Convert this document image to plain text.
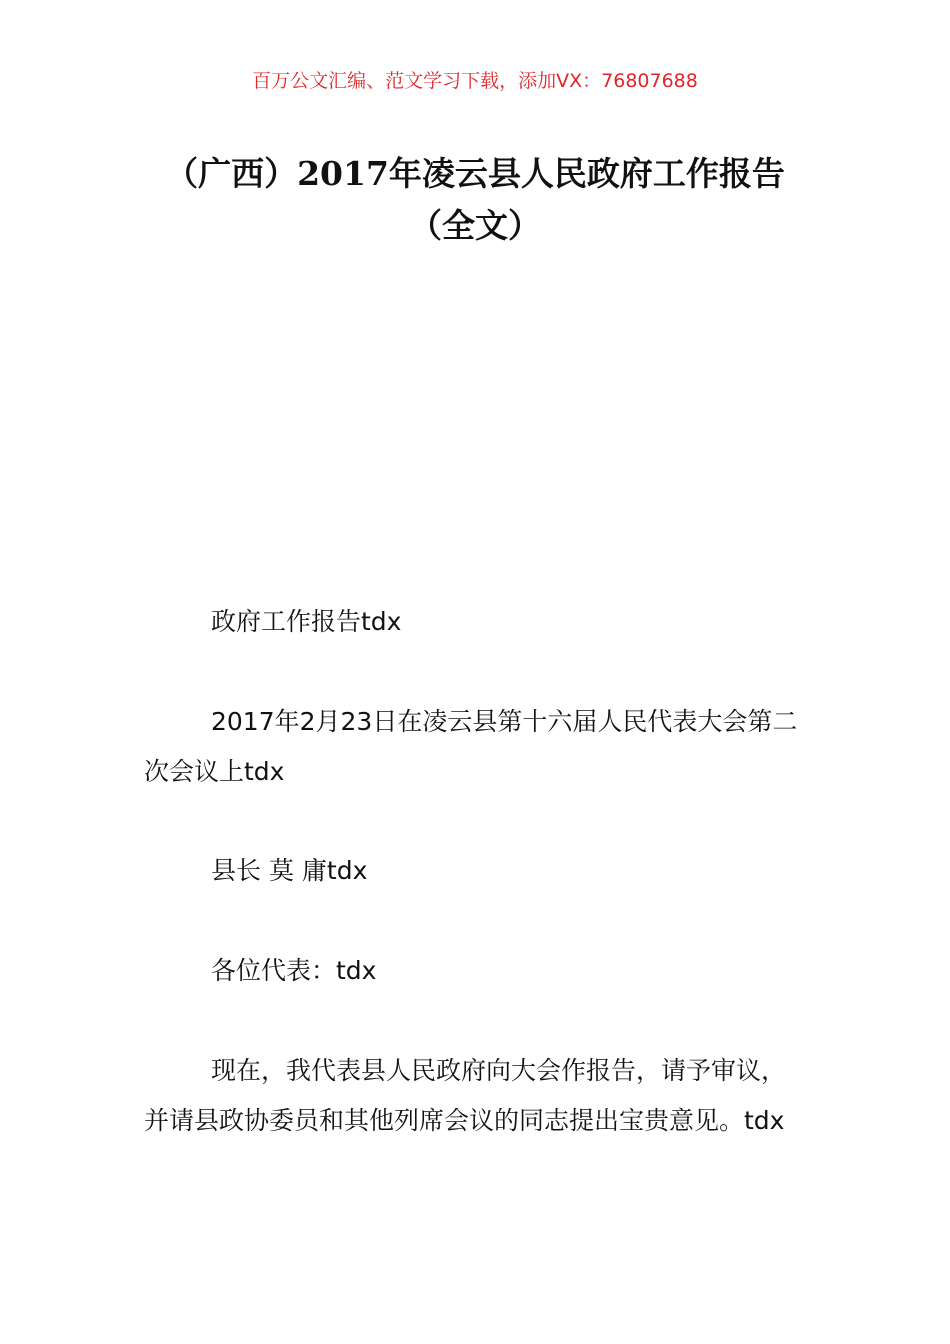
百万公文汇编、范文学习下载，添加VX：76807688
（广西）2017年凌云县人民政府工作报告
（全文）
政府工作报告tdx
2017年2月23日在凌云县第十六届人民代表大会第二次会议上tdx
县长 莫 庸tdx
各位代表：tdx
现在，我代表县人民政府向大会作报告，请予审议，并请县政协委员和其他列席会议的同志提出宝贵意见。tdx
